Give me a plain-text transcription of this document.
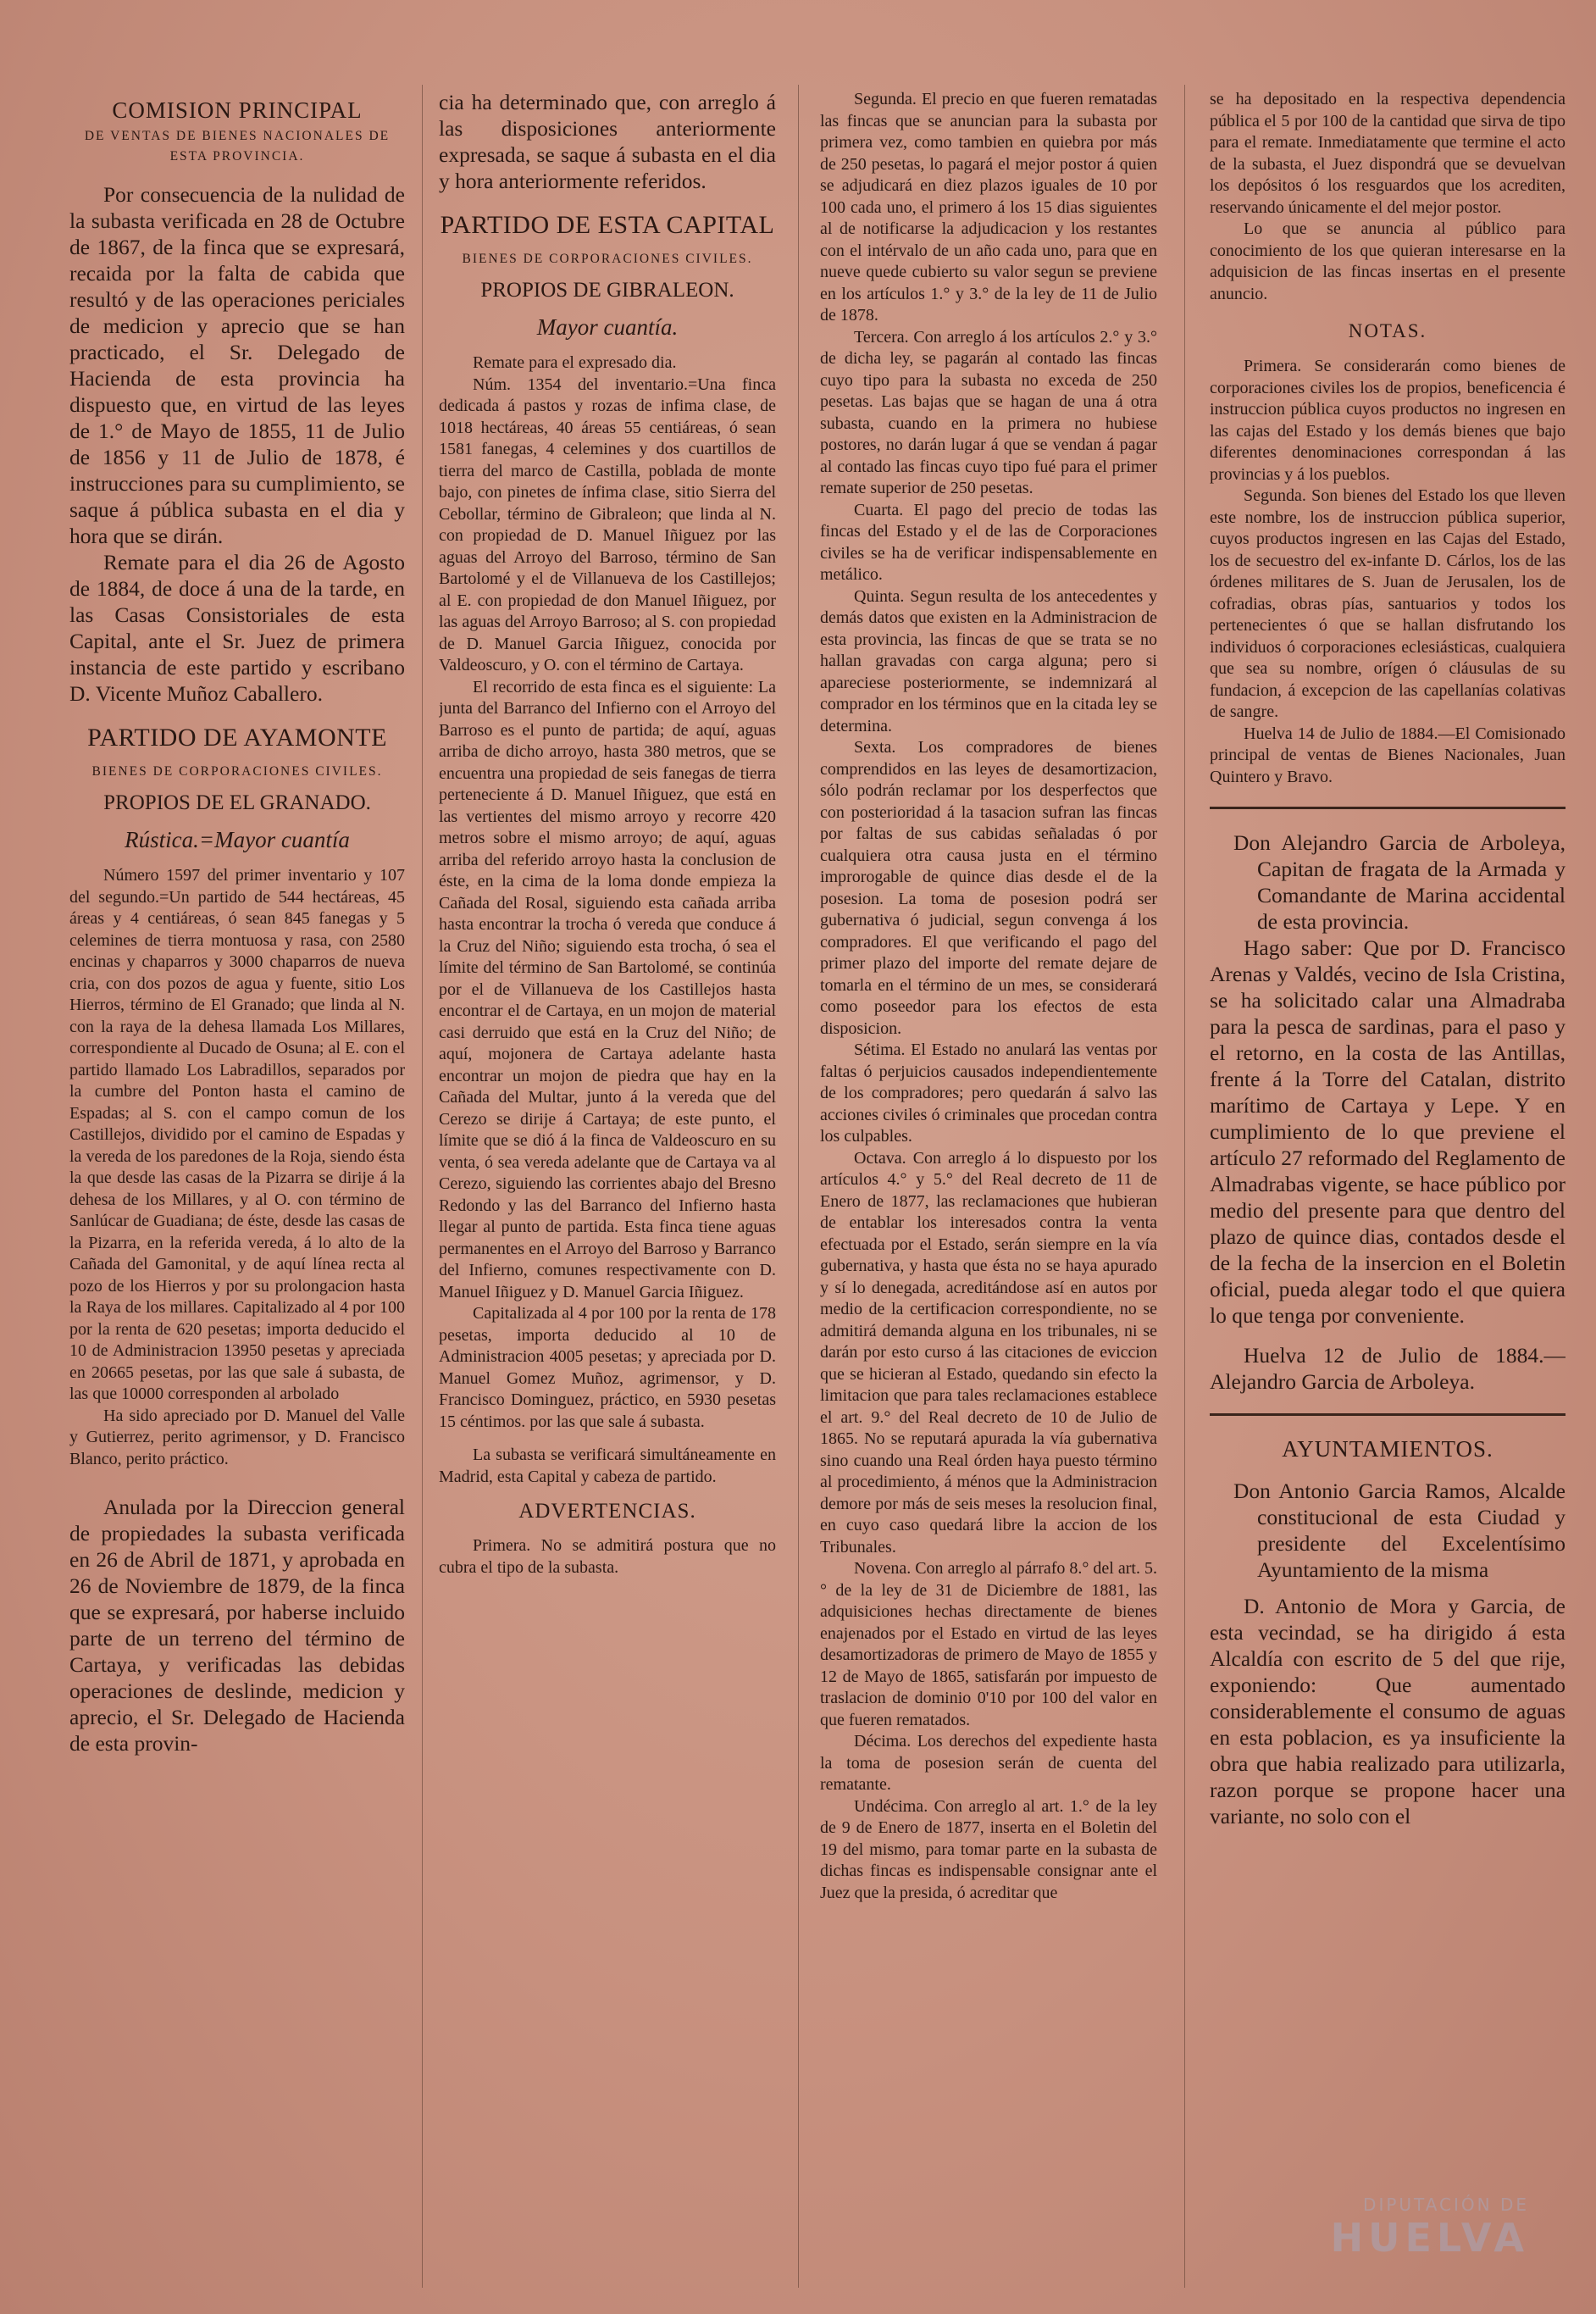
COMISION PRINCIPAL
DE VENTAS DE BIENES NACIONALES DE
ESTA PROVINCIA.

Por consecuencia de la nulidad de la subasta verificada en 28 de Octubre de 1867, de la finca que se expresará, recaida por la falta de cabida que resultó y de las operaciones periciales de medicion y aprecio que se han practicado, el Sr. Delegado de Hacienda de esta provincia ha dispuesto que, en virtud de las leyes de 1.° de Mayo de 1855, 11 de Julio de 1856 y 11 de Julio de 1878, é instrucciones para su cumplimiento, se saque á pública subasta en el dia y hora que se dirán.

Remate para el dia 26 de Agosto de 1884, de doce á una de la tarde, en las Casas Consistoriales de esta Capital, ante el Sr. Juez de primera instancia de este partido y escribano D. Vicente Muñoz Caballero.

PARTIDO DE AYAMONTE
BIENES DE CORPORACIONES CIVILES.
PROPIOS DE EL GRANADO.
Rústica.=Mayor cuantía

Número 1597 del primer inventario y 107 del segundo.=Un partido de 544 hectáreas, 45 áreas y 4 centiáreas, ó sean 845 fanegas y 5 celemines de tierra montuosa y rasa, con 2580 encinas y chaparros y 3000 chaparros de nueva cria, con dos pozos de agua y fuente, sitio Los Hierros, término de El Granado; que linda al N. con la raya de la dehesa llamada Los Millares, correspondiente al Ducado de Osuna; al E. con el partido llamado Los Labradillos, separados por la cumbre del Ponton hasta el camino de Espadas; al S. con el campo comun de los Castillejos, dividido por el camino de Espadas y la vereda de los paredones de la Roja, siendo ésta la que desde las casas de la Pizarra se dirije á la dehesa de los Millares, y al O. con término de Sanlúcar de Guadiana; de éste, desde las casas de la Pizarra, en la referida vereda, á lo alto de la Cañada del Gamonital, y de aquí línea recta al pozo de los Hierros y por su prolongacion hasta la Raya de los millares. Capitalizado al 4 por 100 por la renta de 620 pesetas; importa deducido el 10 de Administracion 13950 pesetas y apreciada en 20665 pesetas, por las que sale á subasta, de las que 10000 corresponden al arbolado

Ha sido apreciado por D. Manuel del Valle y Gutierrez, perito agrimensor, y D. Francisco Blanco, perito práctico.

Anulada por la Direccion general de propiedades la subasta verificada en 26 de Abril de 1871, y aprobada en 26 de Noviembre de 1879, de la finca que se expresará, por haberse incluido parte de un terreno del término de Cartaya, y verificadas las debidas operaciones de deslinde, medicion y aprecio, el Sr. Delegado de Hacienda de esta provin-

cia ha determinado que, con arreglo á las disposiciones anteriormente expresada, se saque á subasta en el dia y hora anteriormente referidos.

PARTIDO DE ESTA CAPITAL
BIENES DE CORPORACIONES CIVILES.
PROPIOS DE GIBRALEON.
Mayor cuantía.

Remate para el expresado dia.

Núm. 1354 del inventario.=Una finca dedicada á pastos y rozas de infima clase, de 1018 hectáreas, 40 áreas 55 centiáreas, ó sean 1581 fanegas, 4 celemines y dos cuartillos de tierra del marco de Castilla, poblada de monte bajo, con pinetes de ínfima clase, sitio Sierra del Cebollar, término de Gibraleon; que linda al N. con propiedad de D. Manuel Iñiguez por las aguas del Arroyo del Barroso, término de San Bartolomé y el de Villanueva de los Castillejos; al E. con propiedad de don Manuel Iñiguez, por las aguas del Arroyo Barroso; al S. con propiedad de D. Manuel Garcia Iñiguez, conocida por Valdeoscuro, y O. con el término de Cartaya.

El recorrido de esta finca es el siguiente: La junta del Barranco del Infierno con el Arroyo del Barroso es el punto de partida; de aquí, aguas arriba de dicho arroyo, hasta 380 metros, que se encuentra una propiedad de seis fanegas de tierra perteneciente á D. Manuel Iñiguez, que está en las vertientes del mismo arroyo y recorre 420 metros sobre el mismo arroyo; de aquí, aguas arriba del referido arroyo hasta la conclusion de éste, en la cima de la loma donde empieza la Cañada del Rosal, siguiendo esta cañada arriba hasta encontrar la trocha ó vereda que conduce á la Cruz del Niño; siguiendo esta trocha, ó sea el límite del término de San Bartolomé, se continúa por el de Villanueva de los Castillejos hasta encontrar el de Cartaya, en un mojon de material casi derruido que está en la Cruz del Niño; de aquí, mojonera de Cartaya adelante hasta encontrar un mojon de piedra que hay en la Cañada del Multar, junto á la vereda que del Cerezo se dirije á Cartaya; de este punto, el límite que se dió á la finca de Valdeoscuro en su venta, ó sea vereda adelante que de Cartaya va al Cerezo, siguiendo las corrientes abajo del Bresno Redondo y las del Barranco del Infierno hasta llegar al punto de partida. Esta finca tiene aguas permanentes en el Arroyo del Barroso y Barranco del Infierno, comunes respectivamente con D. Manuel Iñiguez y D. Manuel Garcia Iñiguez.

Capitalizada al 4 por 100 por la renta de 178 pesetas, importa deducido al 10 de Administracion 4005 pesetas; y apreciada por D. Manuel Gomez Muñoz, agrimensor, y D. Francisco Dominguez, práctico, en 5930 pesetas 15 céntimos. por las que sale á subasta.

La subasta se verificará simultáneamente en Madrid, esta Capital y cabeza de partido.

ADVERTENCIAS.

Primera. No se admitirá postura que no cubra el tipo de la subasta.

Segunda. El precio en que fueren rematadas las fincas que se anuncian para la subasta por primera vez, como tambien en quiebra por más de 250 pesetas, lo pagará el mejor postor á quien se adjudicará en diez plazos iguales de 10 por 100 cada uno, el primero á los 15 dias siguientes al de notificarse la adjudicacion y los restantes con el intérvalo de un año cada uno, para que en nueve quede cubierto su valor segun se previene en los artículos 1.° y 3.° de la ley de 11 de Julio de 1878.

Tercera. Con arreglo á los artículos 2.° y 3.° de dicha ley, se pagarán al contado las fincas cuyo tipo para la subasta no exceda de 250 pesetas. Las bajas que se hagan de una á otra subasta, cuando en la primera no hubiese postores, no darán lugar á que se vendan á pagar al contado las fincas cuyo tipo fué para el primer remate superior de 250 pesetas.

Cuarta. El pago del precio de todas las fincas del Estado y el de las de Corporaciones civiles se ha de verificar indispensablemente en metálico.

Quinta. Segun resulta de los antecedentes y demás datos que existen en la Administracion de esta provincia, las fincas de que se trata se no hallan gravadas con carga alguna; pero si apareciese posteriormente, se indemnizará al comprador en los términos que en la citada ley se determina.

Sexta. Los compradores de bienes comprendidos en las leyes de desamortizacion, sólo podrán reclamar por los desperfectos que con posterioridad á la tasacion sufran las fincas por faltas de sus cabidas señaladas ó por cualquiera otra causa justa en el término improrogable de quince dias desde el de la posesion. La toma de posesion podrá ser gubernativa ó judicial, segun convenga á los compradores. El que verificando el pago del primer plazo del importe del remate dejare de tomarla en el término de un mes, se considerará como poseedor para los efectos de esta disposicion.

Sétima. El Estado no anulará las ventas por faltas ó perjuicios causados independientemente de los compradores; pero quedarán á salvo las acciones civiles ó criminales que procedan contra los culpables.

Octava. Con arreglo á lo dispuesto por los artículos 4.° y 5.° del Real decreto de 11 de Enero de 1877, las reclamaciones que hubieran de entablar los interesados contra la venta efectuada por el Estado, serán siempre en la vía gubernativa, y hasta que ésta no se haya apurado y sí lo denegada, acreditándose así en autos por medio de la certificacion correspondiente, no se admitirá demanda alguna en los tribunales, ni se darán por esto curso á las citaciones de eviccion que se hicieran al Estado, quedando sin efecto la limitacion que para tales reclamaciones establece el art. 9.° del Real decreto de 10 de Julio de 1865. No se reputará apurada la vía gubernativa sino cuando una Real órden haya puesto término al procedimiento, á ménos que la Administracion demore por más de seis meses la resolucion final, en cuyo caso quedará libre la accion de los Tribunales.

Novena. Con arreglo al párrafo 8.° del art. 5.° de la ley de 31 de Diciembre de 1881, las adquisiciones hechas directamente de bienes enajenados por el Estado en virtud de las leyes desamortizadoras de primero de Mayo de 1855 y 12 de Mayo de 1865, satisfarán por impuesto de traslacion de dominio 0'10 por 100 del valor en que fueren rematados.

Décima. Los derechos del expediente hasta la toma de posesion serán de cuenta del rematante.

Undécima. Con arreglo al art. 1.° de la ley de 9 de Enero de 1877, inserta en el Boletin del 19 del mismo, para tomar parte en la subasta de dichas fincas es indispensable consignar ante el Juez que la presida, ó acreditar que

se ha depositado en la respectiva dependencia pública el 5 por 100 de la cantidad que sirva de tipo para el remate. Inmediatamente que termine el acto de la subasta, el Juez dispondrá que se devuelvan los depósitos ó los resguardos que los acrediten, reservando únicamente el del mejor postor.

Lo que se anuncia al público para conocimiento de los que quieran interesarse en la adquisicion de las fincas insertas en el presente anuncio.

NOTAS.

Primera. Se considerarán como bienes de corporaciones civiles los de propios, beneficencia é instruccion pública cuyos productos no ingresen en las cajas del Estado y los demás bienes que bajo diferentes denominaciones correspondan á las provincias y á los pueblos.

Segunda. Son bienes del Estado los que lleven este nombre, los de instruccion pública superior, cuyos productos ingresen en las Cajas del Estado, los de secuestro del ex-infante D. Cárlos, los de las órdenes militares de S. Juan de Jerusalen, los de cofradias, obras pías, santuarios y todos los pertenecientes ó que se hallan disfrutando los individuos ó corporaciones eclesiásticas, cualquiera que sea su nombre, orígen ó cláusulas de su fundacion, á excepcion de las capellanías colativas de sangre.

Huelva 14 de Julio de 1884.—El Comisionado principal de ventas de Bienes Nacionales, Juan Quintero y Bravo.

Don Alejandro Garcia de Arboleya, Capitan de fragata de la Armada y Comandante de Marina accidental de esta provincia.

Hago saber: Que por D. Francisco Arenas y Valdés, vecino de Isla Cristina, se ha solicitado calar una Almadraba para la pesca de sardinas, para el paso y el retorno, en la costa de las Antillas, frente á la Torre del Catalan, distrito marítimo de Cartaya y Lepe. Y en cumplimiento de lo que previene el artículo 27 reformado del Reglamento de Almadrabas vigente, se hace público por medio del presente para que dentro del plazo de quince dias, contados desde el de la fecha de la insercion en el Boletin oficial, pueda alegar todo el que quiera lo que tenga por conveniente.

Huelva 12 de Julio de 1884.— Alejandro Garcia de Arboleya.

AYUNTAMIENTOS.

Don Antonio Garcia Ramos, Alcalde constitucional de esta Ciudad y presidente del Excelentísimo Ayuntamiento de la misma

D. Antonio de Mora y Garcia, de esta vecindad, se ha dirigido á esta Alcaldía con escrito de 5 del que rije, exponiendo: Que aumentado considerablemente el consumo de aguas en esta poblacion, es ya insuficiente la obra que habia realizado para utilizarla, razon porque se propone hacer una variante, no solo con el

DIPUTACIÓN DE
HUELVA
